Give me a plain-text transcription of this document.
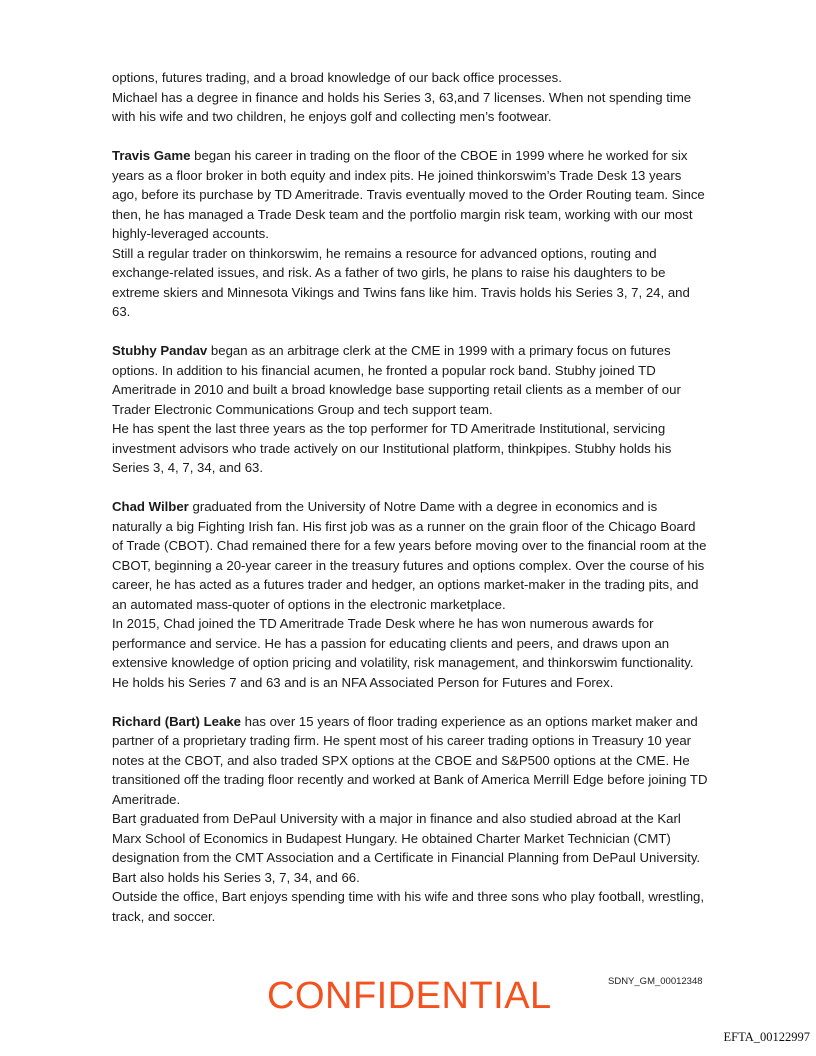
options, futures trading, and a broad knowledge of our back office processes.

Michael has a degree in finance and holds his Series 3, 63,and 7 licenses. When not spending time with his wife and two children, he enjoys golf and collecting men’s footwear.

Travis Game began his career in trading on the floor of the CBOE in 1999 where he worked for six years as a floor broker in both equity and index pits. He joined thinkorswim’s Trade Desk 13 years ago, before its purchase by TD Ameritrade. Travis eventually moved to the Order Routing team. Since then, he has managed a Trade Desk team and the portfolio margin risk team, working with our most highly-leveraged accounts.

Still a regular trader on thinkorswim, he remains a resource for advanced options, routing and exchange-related issues, and risk. As a father of two girls, he plans to raise his daughters to be extreme skiers and Minnesota Vikings and Twins fans like him. Travis holds his Series 3, 7, 24, and 63.

Stubhy Pandav began as an arbitrage clerk at the CME in 1999 with a primary focus on futures options. In addition to his financial acumen, he fronted a popular rock band. Stubhy joined TD Ameritrade in 2010 and built a broad knowledge base supporting retail clients as a member of our Trader Electronic Communications Group and tech support team.

He has spent the last three years as the top performer for TD Ameritrade Institutional, servicing investment advisors who trade actively on our Institutional platform, thinkpipes. Stubhy holds his Series 3, 4, 7, 34, and 63.

Chad Wilber graduated from the University of Notre Dame with a degree in economics and is naturally a big Fighting Irish fan. His first job was as a runner on the grain floor of the Chicago Board of Trade (CBOT). Chad remained there for a few years before moving over to the financial room at the CBOT, beginning a 20-year career in the treasury futures and options complex. Over the course of his career, he has acted as a futures trader and hedger, an options market-maker in the trading pits, and an automated mass-quoter of options in the electronic marketplace.

In 2015, Chad joined the TD Ameritrade Trade Desk where he has won numerous awards for performance and service. He has a passion for educating clients and peers, and draws upon an extensive knowledge of option pricing and volatility, risk management, and thinkorswim functionality. He holds his Series 7 and 63 and is an NFA Associated Person for Futures and Forex.

Richard (Bart) Leake has over 15 years of floor trading experience as an options market maker and partner of a proprietary trading firm. He spent most of his career trading options in Treasury 10 year notes at the CBOT, and also traded SPX options at the CBOE and S&P500 options at the CME. He transitioned off the trading floor recently and worked at Bank of America Merrill Edge before joining TD Ameritrade.

Bart graduated from DePaul University with a major in finance and also studied abroad at the Karl Marx School of Economics in Budapest Hungary. He obtained Charter Market Technician (CMT) designation from the CMT Association and a Certificate in Financial Planning from DePaul University. Bart also holds his Series 3, 7, 34, and 66.

Outside the office, Bart enjoys spending time with his wife and three sons who play football, wrestling, track, and soccer.

CONFIDENTIAL	SDNY_GM_00012348
EFTA_00122997
